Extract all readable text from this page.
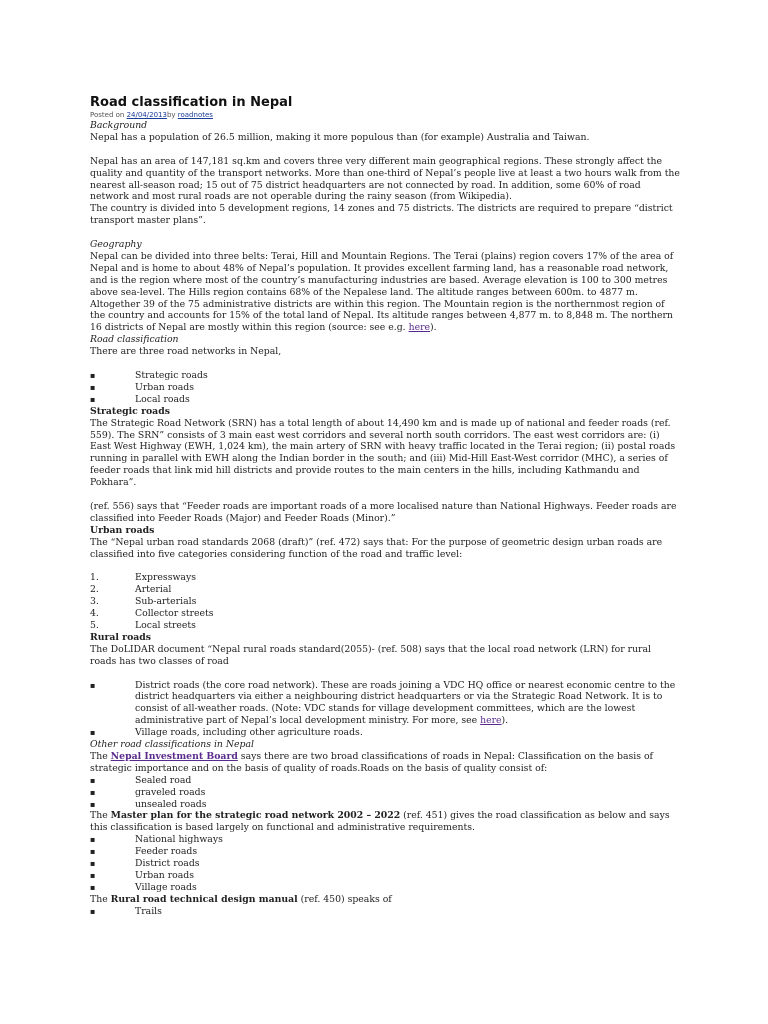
Road classification in Nepal
Posted on 24/04/2013by roadnotes
Background

Nepal has a population of 26.5 million, making it more populous than (for example) Australia and Taiwan.

Nepal has an area of 147,181 sq.km and covers three very different main geographical regions. These strongly affect the quality and quantity of the transport networks. More than one-third of Nepal’s people live at least a two hours walk from the nearest all-season road; 15 out of 75 district headquarters are not connected by road. In addition, some 60% of road network and most rural roads are not operable during the rainy season (from Wikipedia).

The country is divided into 5 development regions, 14 zones and 75 districts. The districts are required to prepare “district transport master plans”.

Geography

Nepal can be divided into three belts: Terai, Hill and Mountain Regions. The Terai (plains) region covers 17% of the area of Nepal and is home to about 48% of Nepal’s population. It provides excellent farming land, has a reasonable road network, and is the region where most of the country’s manufacturing industries are based. Average elevation is 100 to 300 metres above sea-level. The Hills region contains 68% of the Nepalese land. The altitude ranges between 600m. to 4877 m. Altogether 39 of the 75 administrative districts are within this region. The Mountain region is the northernmost region of the country and accounts for 15% of the total land of Nepal. Its altitude ranges between 4,877 m. to 8,848 m. The northern 16 districts of Nepal are mostly within this region (source: see e.g. here).

Road classification

There are three road networks in Nepal,

▪ Strategic roads
▪ Urban roads
▪ Local roads
Strategic roads

The Strategic Road Network (SRN) has a total length of about 14,490 km and is made up of national and feeder roads (ref. 559). The SRN” consists of 3 main east west corridors and several north south corridors. The east west corridors are: (i) East West Highway (EWH, 1,024 km), the main artery of SRN with heavy traffic located in the Terai region; (ii) postal roads running in parallel with EWH along the Indian border in the south; and (iii) Mid-Hill East-West corridor (MHC), a series of feeder roads that link mid hill districts and provide routes to the main centers in the hills, including Kathmandu and Pokhara”.

(ref. 556) says that “Feeder roads are important roads of a more localised nature than National Highways. Feeder roads are classified into Feeder Roads (Major) and Feeder Roads (Minor).”

Urban roads

The “Nepal urban road standards 2068 (draft)” (ref. 472) says that: For the purpose of geometric design urban roads are classified into five categories considering function of the road and traffic level:

1.	Expressways
2.	Arterial
3.	Sub-arterials
4.	Collector streets
5.	Local streets
Rural roads

The DoLIDAR document “Nepal rural roads standard(2055)- (ref. 508) says that the local road network (LRN) for rural roads has two classes of road

▪ District roads (the core road network). These are roads joining a VDC HQ office or nearest economic centre to the district headquarters via either a neighbouring district headquarters or via the Strategic Road Network. It is to consist of all-weather roads. (Note: VDC stands for village development committees, which are the lowest administrative part of Nepal’s local development ministry. For more, see here).
▪ Village roads, including other agriculture roads.
Other road classifications in Nepal

The Nepal Investment Board says there are two broad classifications of roads in Nepal: Classification on the basis of strategic importance and on the basis of quality of roads.Roads on the basis of quality consist of:

▪ Sealed road
▪ graveled roads
▪ unsealed roads

The Master plan for the strategic road network 2002 – 2022 (ref. 451) gives the road classification as below and says this classification is based largely on functional and administrative requirements.

▪ National highways
▪ Feeder roads
▪ District roads
▪ Urban roads
▪ Village roads

The Rural road technical design manual (ref. 450) speaks of

▪ Trails
